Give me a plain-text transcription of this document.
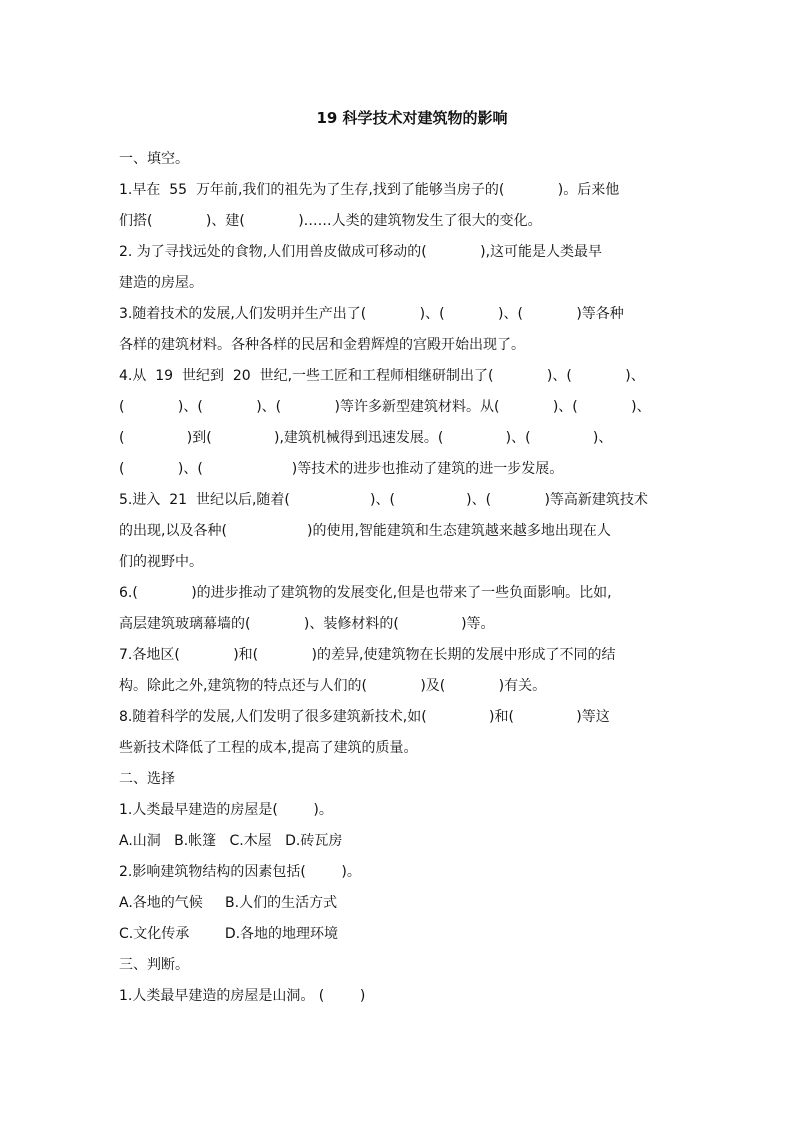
19 科学技术对建筑物的影响
一、填空。
1.早在  55  万年前,我们的祖先为了生存,找到了能够当房子的(            )。后来他
们搭(            )、建(            )……人类的建筑物发生了很大的变化。
2. 为了寻找远处的食物,人们用兽皮做成可移动的(            ),这可能是人类最早
建造的房屋。
3.随着技术的发展,人们发明并生产出了(            )、(            )、(            )等各种
各样的建筑材料。各种各样的民居和金碧辉煌的宫殿开始出现了。
4.从  19  世纪到  20  世纪,一些工匠和工程师相继研制出了(            )、(            )、
(            )、(            )、(            )等许多新型建筑材料。从(            )、(            )、
(              )到(              ),建筑机械得到迅速发展。(              )、(              )、
(            )、(                    )等技术的进步也推动了建筑的进一步发展。
5.进入  21  世纪以后,随着(                  )、(                )、(            )等高新建筑技术
的出现,以及各种(                  )的使用,智能建筑和生态建筑越来越多地出现在人
们的视野中。
6.(            )的进步推动了建筑物的发展变化,但是也带来了一些负面影响。比如,
高层建筑玻璃幕墙的(            )、装修材料的(              )等。
7.各地区(            )和(            )的差异,使建筑物在长期的发展中形成了不同的结
构。除此之外,建筑物的特点还与人们的(            )及(            )有关。
8.随着科学的发展,人们发明了很多建筑新技术,如(              )和(              )等这
些新技术降低了工程的成本,提高了建筑的质量。
二、选择
1.人类最早建造的房屋是(        )。
A.山洞   B.帐篷   C.木屋   D.砖瓦房
2.影响建筑物结构的因素包括(        )。
A.各地的气候     B.人们的生活方式
C.文化传承        D.各地的地理环境
三、判断。
1.人类最早建造的房屋是山洞。 (        )
